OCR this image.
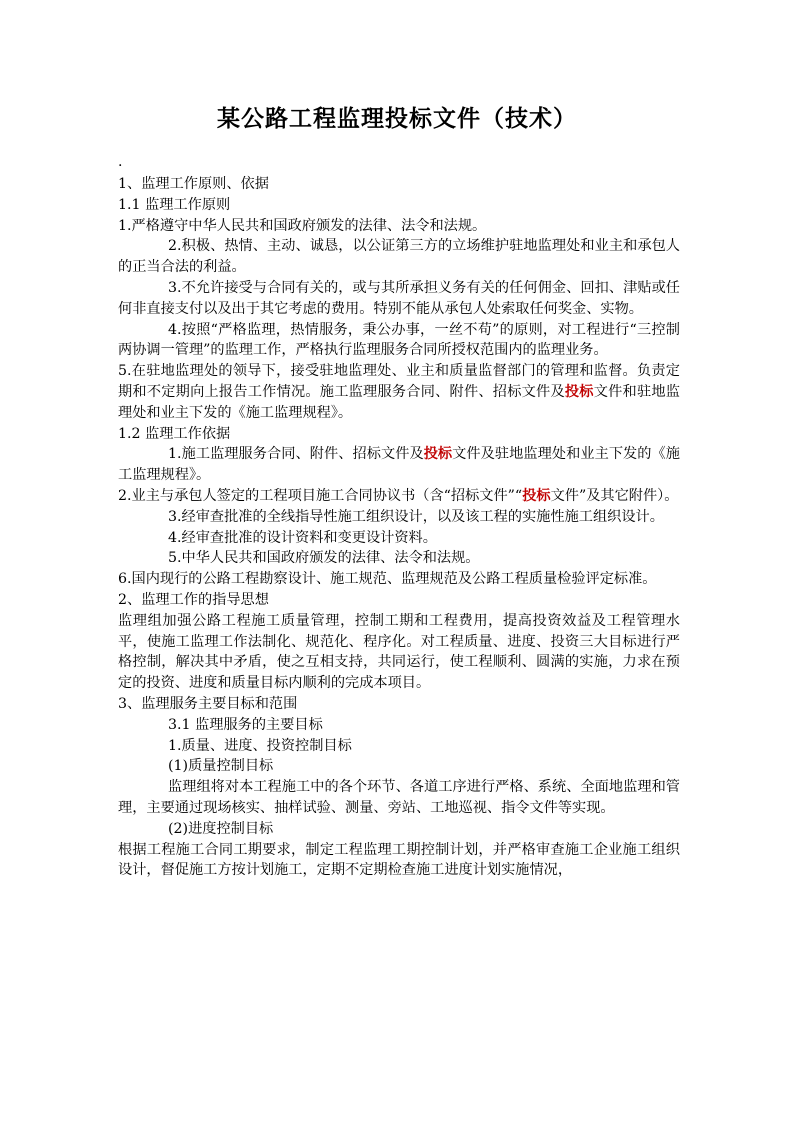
某公路工程监理投标文件（技术）
.

1、监理工作原则、依据

1.1 监理工作原则

1.严格遵守中华人民共和国政府颁发的法律、法令和法规。

2.积极、热情、主动、诚恳，以公证第三方的立场维护驻地监理处和业主和承包人的正当合法的利益。

3.不允许接受与合同有关的，或与其所承担义务有关的任何佣金、回扣、津贴或任何非直接支付以及出于其它考虑的费用。特别不能从承包人处索取任何奖金、实物。

4.按照“严格监理，热情服务，秉公办事，一丝不苟”的原则，对工程进行“三控制两协调一管理”的监理工作，严格执行监理服务合同所授权范围内的监理业务。

5.在驻地监理处的领导下，接受驻地监理处、业主和质量监督部门的管理和监督。负责定期和不定期向上报告工作情况。施工监理服务合同、附件、招标文件及投标文件和驻地监理处和业主下发的《施工监理规程》。

1.2 监理工作依据

1.施工监理服务合同、附件、招标文件及投标文件及驻地监理处和业主下发的《施工监理规程》。

2.业主与承包人签定的工程项目施工合同协议书（含“招标文件”“投标文件”及其它附件）。

3.经审查批准的全线指导性施工组织设计，以及该工程的实施性施工组织设计。

4.经审查批准的设计资料和变更设计资料。

5.中华人民共和国政府颁发的法律、法令和法规。

6.国内现行的公路工程勘察设计、施工规范、监理规范及公路工程质量检验评定标准。

2、监理工作的指导思想

监理组加强公路工程施工质量管理，控制工期和工程费用，提高投资效益及工程管理水平，使施工监理工作法制化、规范化、程序化。对工程质量、进度、投资三大目标进行严格控制，解决其中矛盾，使之互相支持，共同运行，使工程顺利、圆满的实施，力求在预定的投资、进度和质量目标内顺利的完成本项目。

3、监理服务主要目标和范围

3.1 监理服务的主要目标

1.质量、进度、投资控制目标

(1)质量控制目标

监理组将对本工程施工中的各个环节、各道工序进行严格、系统、全面地监理和管理，主要通过现场核实、抽样试验、测量、旁站、工地巡视、指令文件等实现。

(2)进度控制目标

根据工程施工合同工期要求，制定工程监理工期控制计划，并严格审查施工企业施工组织设计，督促施工方按计划施工，定期不定期检查施工进度计划实施情况，
